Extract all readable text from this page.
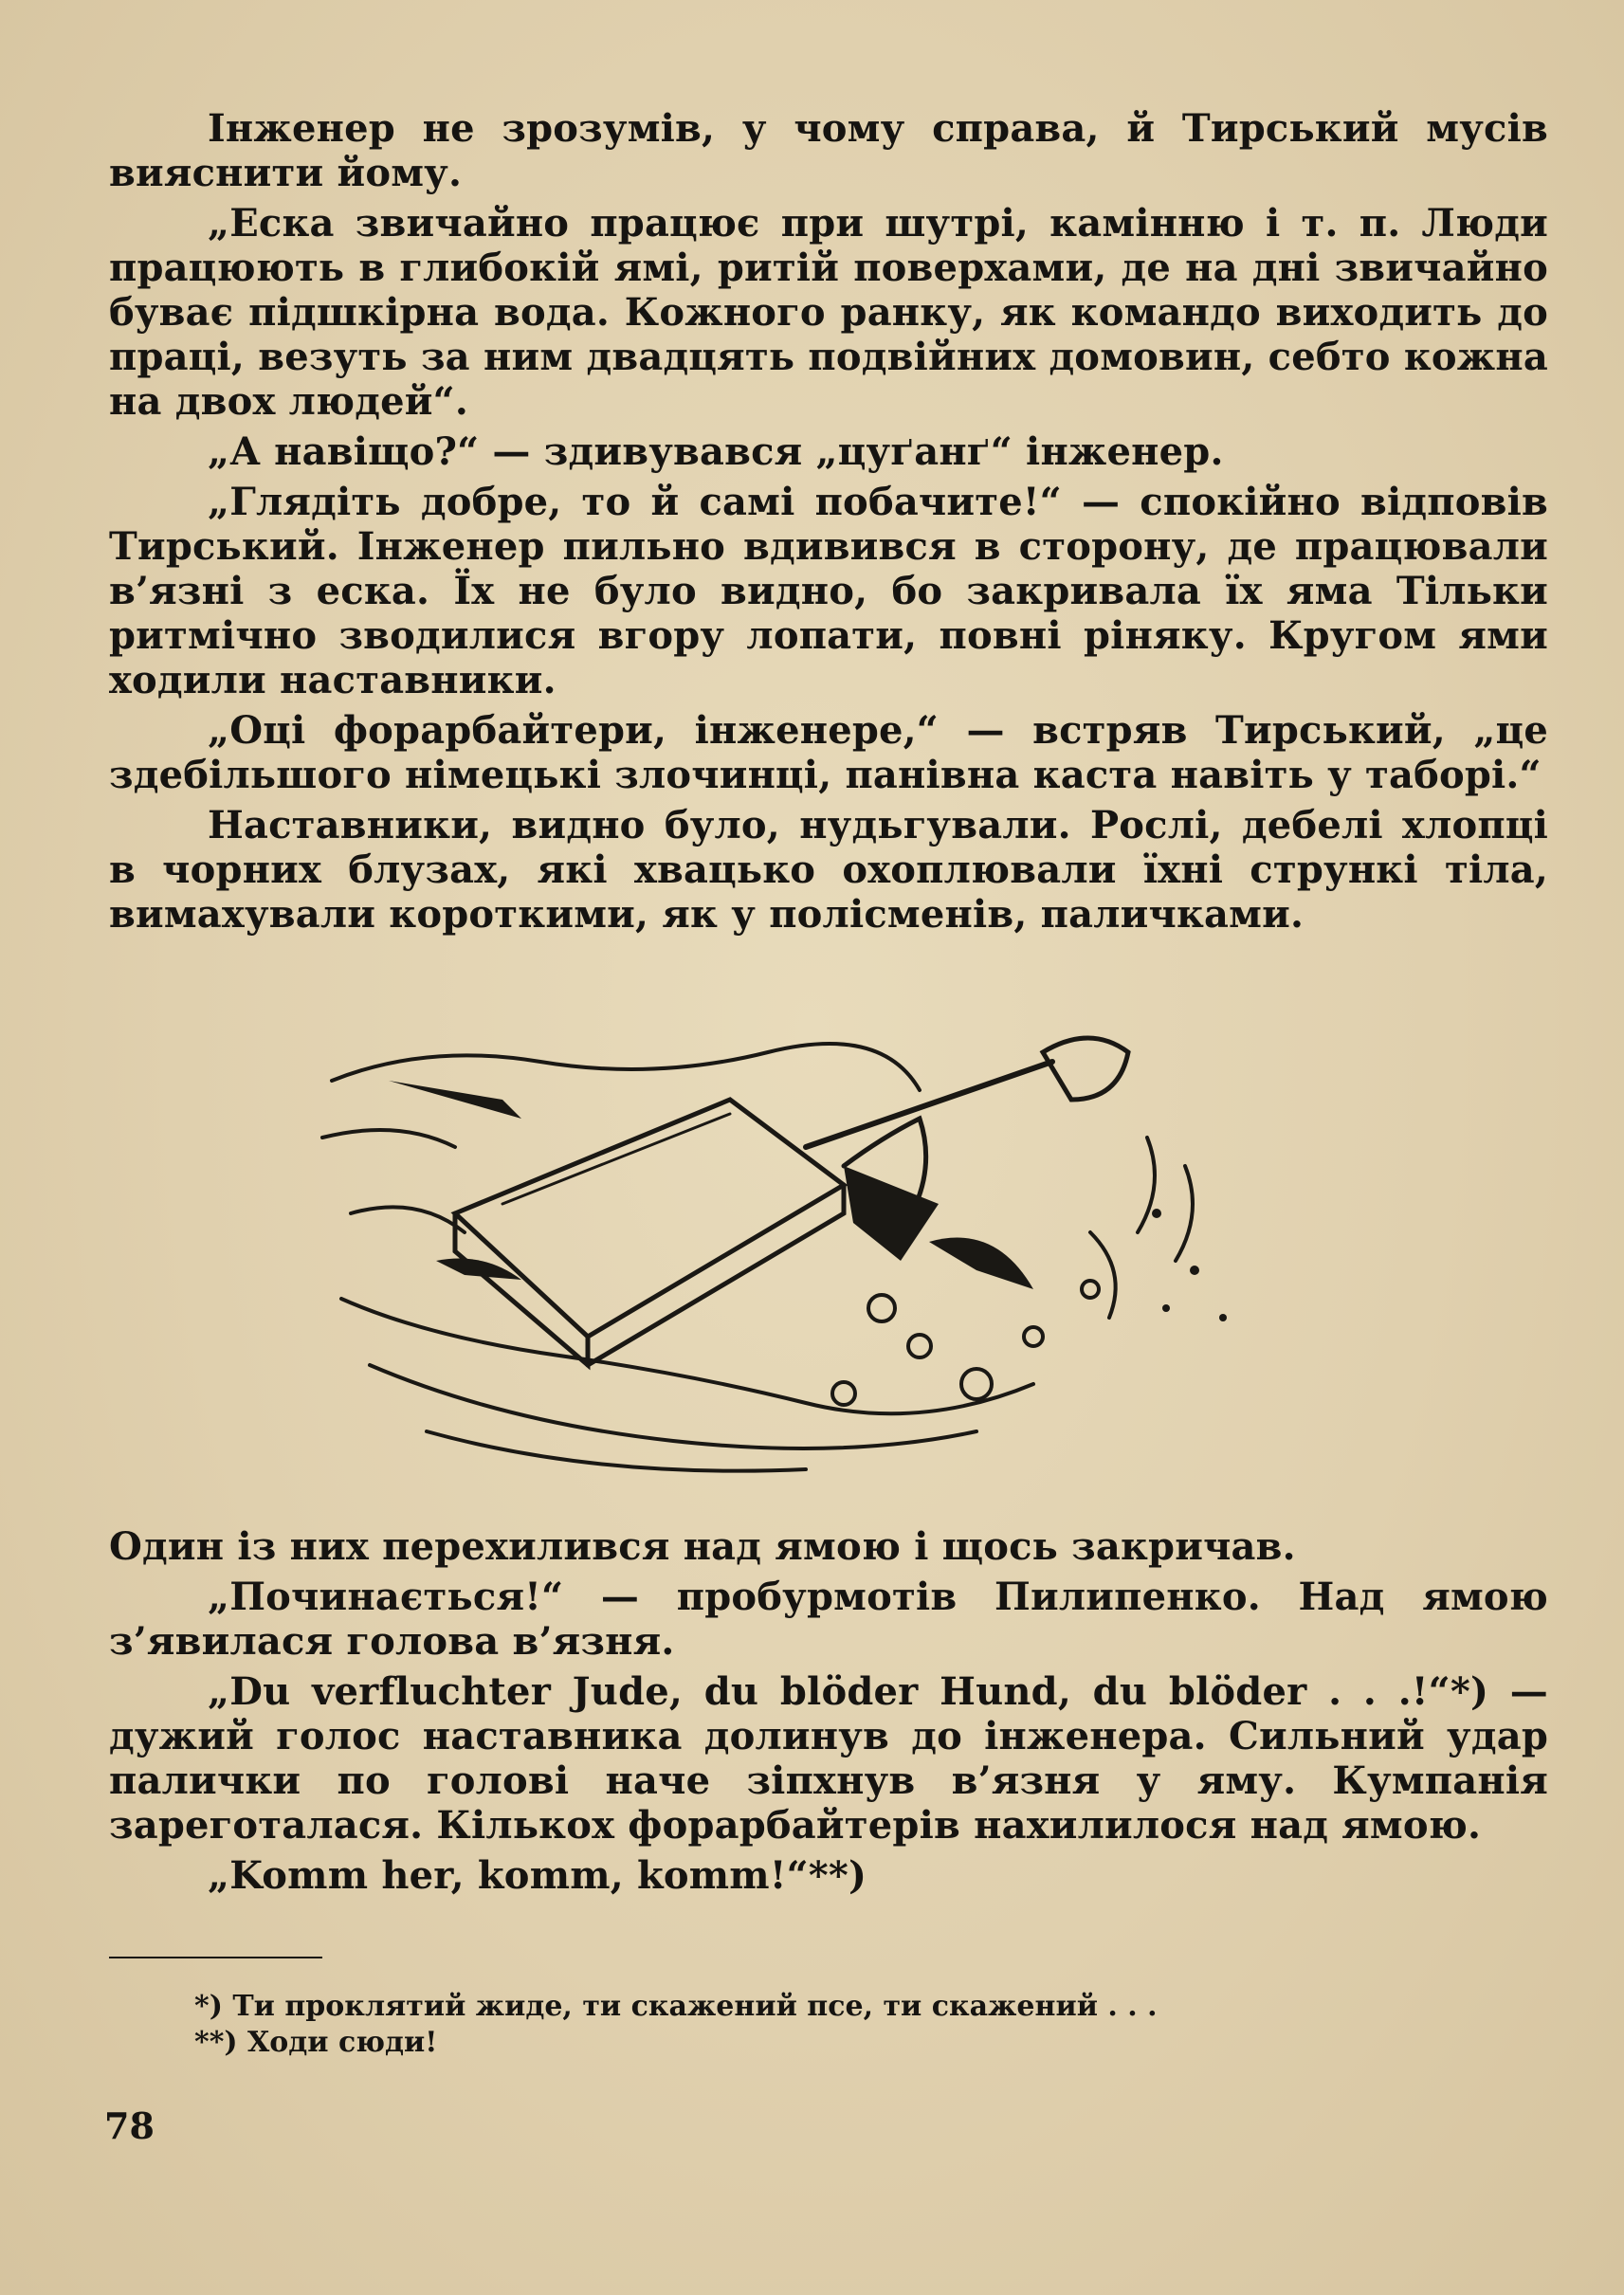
Інженер не зрозумів, у чому справа, й Тирський мусів вияснити йому.

„Еска звичайно працює при шутрі, камінню і т. п. Люди працюють в глибокій ямі, ритій поверхами, де на дні звичайно буває підшкірна вода. Кожного ранку, як командо виходить до праці, везуть за ним двадцять подвійних домовин, себто кожна на двох людей“.

„А навіщо?“ — здивувався „цуґанґ“ інженер.

„Глядіть добре, то й самі побачите!“ — спокійно відповів Тирський. Інженер пильно вдивився в сторону, де працювали в’язні з еска. Їх не було видно, бо закривала їх яма Тільки ритмічно зводилися вгору лопати, повні ріняку. Кругом ями ходили наставники.

„Оці форарбайтери, інженере,“ — встряв Тирський, „це здебільшого німецькі злочинці, панівна каста навіть у таборі.“

Наставники, видно було, нудьгували. Рослі, дебелі хлопці в чорних блузах, які хвацько охоплювали їхні стрункі тіла, вимахували короткими, як у полісменів, паличками.

Один із них перехилився над ямою і щось закричав.

„Починається!“ — пробурмотів Пилипенко. Над ямою з’явилася голова в’язня.

„Du verfluchter Jude, du blöder Hund, du blöder . . .!“*) — дужий голос наставника долинув до інженера. Сильний удар палички по голові наче зіпхнув в’язня у яму. Кумпанія зареготалася. Кількох форарбайтерів нахилилося над ямою.

„Komm her, komm, komm!“**)

*) Ти проклятий жиде, ти скажений псе, ти скажений . . .
**) Ходи сюди!
78
